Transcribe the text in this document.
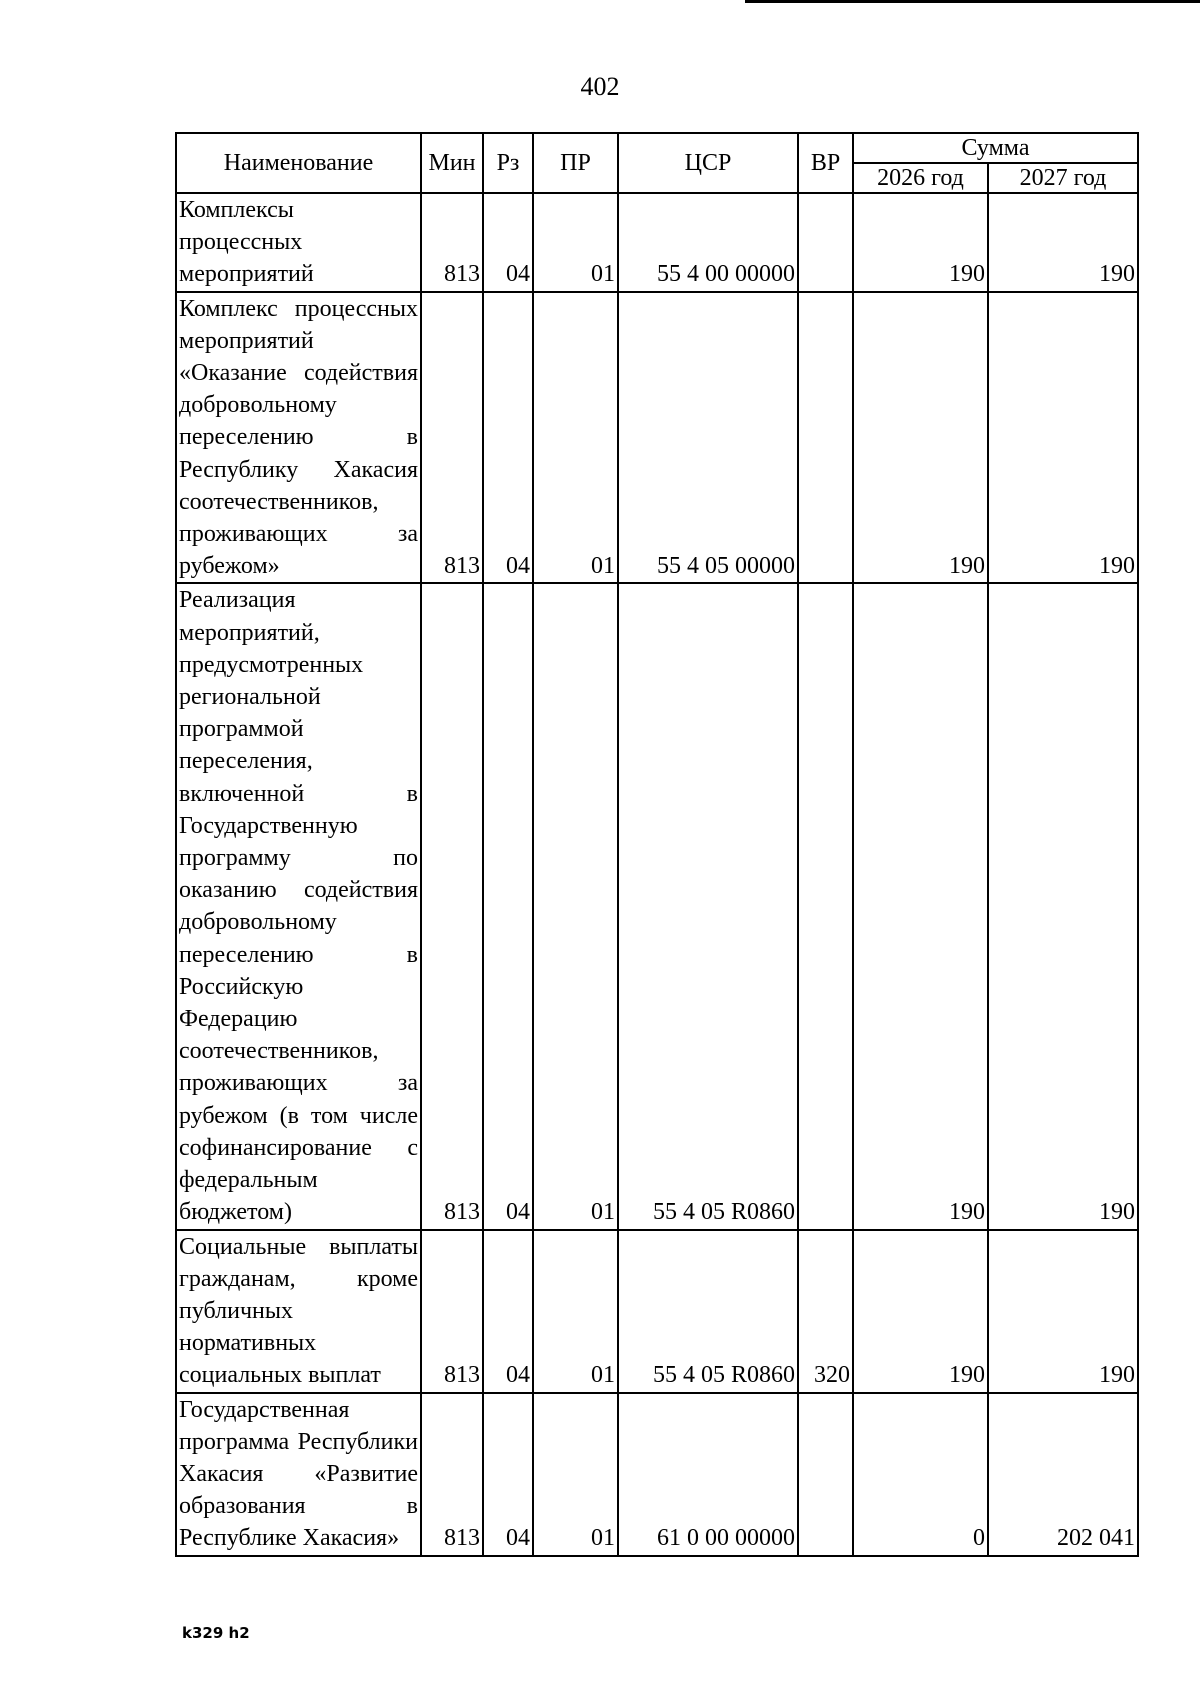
402
Наименование	Мин	Рз	ПР	ЦСР	ВР	Сумма	
						2026 год	2027 год
Комплексы процессных мероприятий	813	04	01	55 4 00 00000		190	190
Комплекс процессных мероприятий «Оказание содействия добровольному переселению в Республику Хакасия соотечественников, проживающих за рубежом»	813	04	01	55 4 05 00000		190	190
Реализация мероприятий, предусмотренных региональной программой переселения, включенной в Государственную программу по оказанию содействия добровольному переселению в Российскую Федерацию соотечественников, проживающих за рубежом (в том числе софинансирование с федеральным бюджетом)	813	04	01	55 4 05 R0860		190	190
Социальные выплаты гражданам, кроме публичных нормативных социальных выплат	813	04	01	55 4 05 R0860	320	190	190
Государственная программа Республики Хакасия «Развитие образования в Республике Хакасия»	813	04	01	61 0 00 00000		0	202 041
k329 h2
